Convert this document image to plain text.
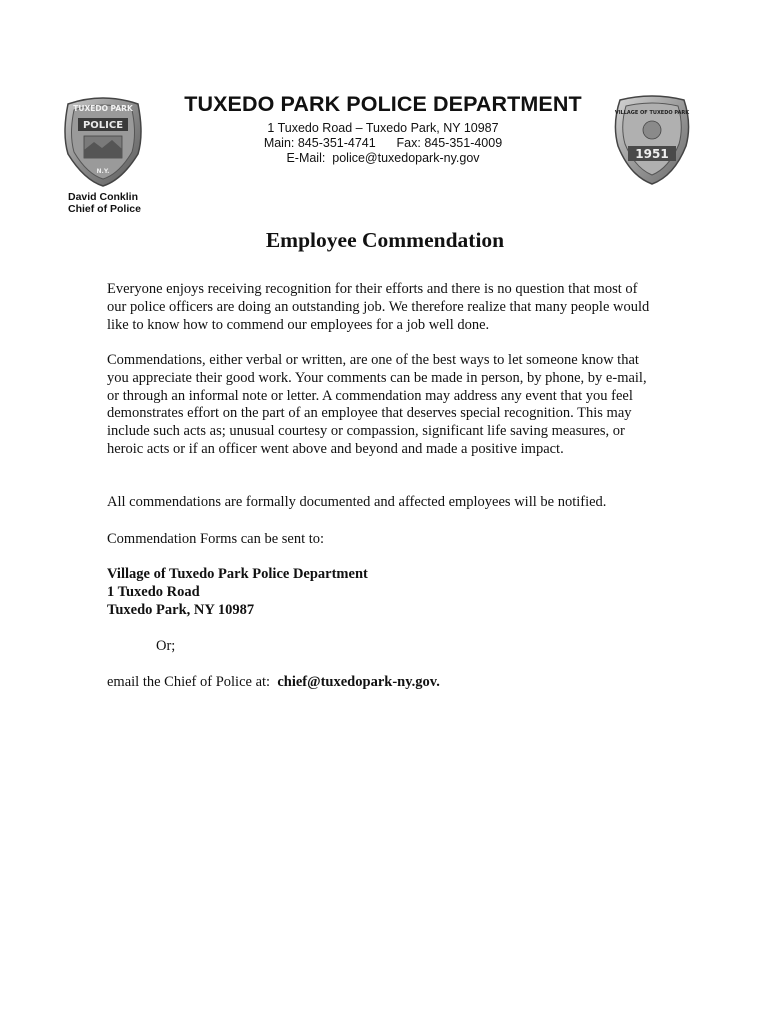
POLICE
TUXEDO PARK
N.Y.
VILLAGE OF TUXEDO PARK
1951
TUXEDO PARK POLICE DEPARTMENT
1 Tuxedo Road – Tuxedo Park, NY 10987
Main: 845-351-4741      Fax: 845-351-4009
E-Mail:  police@tuxedopark-ny.gov
David Conklin
Chief of Police
Employee Commendation
Everyone enjoys receiving recognition for their efforts and there is no question that most of our police officers are doing an outstanding job. We therefore realize that many people would like to know how to commend our employees for a job well done.
Commendations, either verbal or written, are one of the best ways to let someone know that you appreciate their good work. Your comments can be made in person, by phone, by e-mail, or through an informal note or letter. A commendation may address any event that you feel demonstrates effort on the part of an employee that deserves special recognition. This may include such acts as; unusual courtesy or compassion, significant life saving measures, or heroic acts or if an officer went above and beyond and made a positive impact.
All commendations are formally documented and affected employees will be notified.
Commendation Forms can be sent to:
Village of Tuxedo Park Police Department
1 Tuxedo Road
Tuxedo Park, NY 10987
Or;
email the Chief of Police at:  chief@tuxedopark-ny.gov.
